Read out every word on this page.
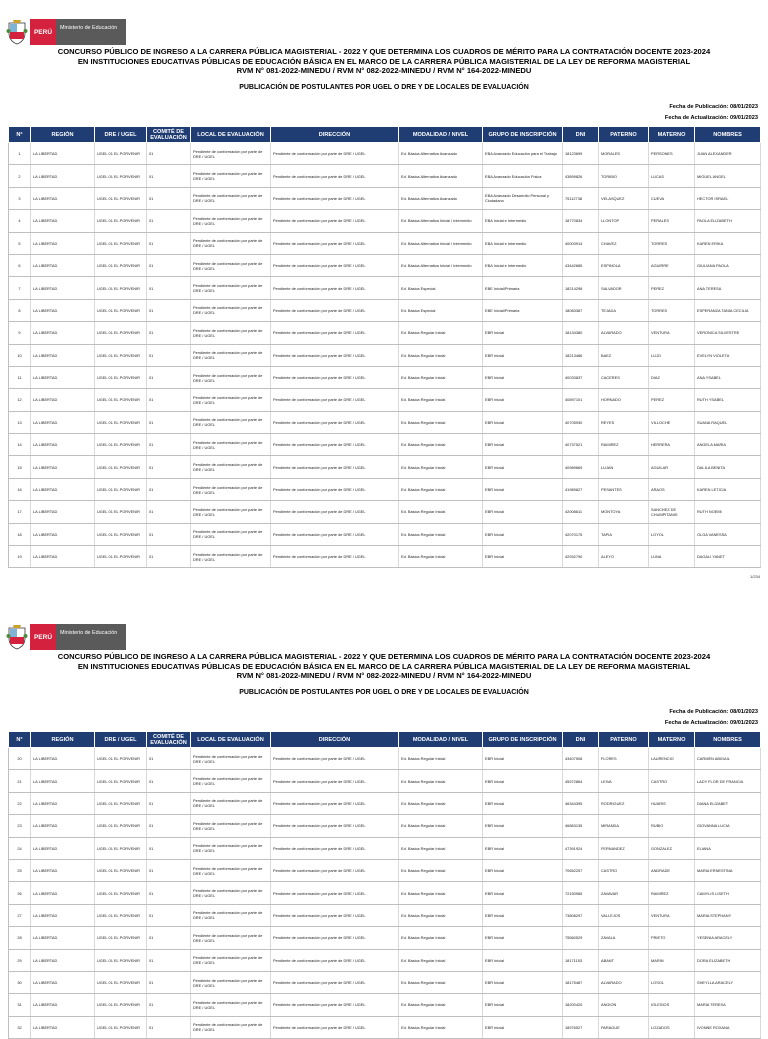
PERÚ
Ministerio de Educación
CONCURSO PÚBLICO DE INGRESO A LA CARRERA PÚBLICA MAGISTERIAL - 2022 Y QUE DETERMINA LOS CUADROS DE MÉRITO PARA LA CONTRATACIÓN DOCENTE 2023-2024
EN INSTITUCIONES EDUCATIVAS PÚBLICAS DE EDUCACIÓN BÁSICA EN EL MARCO DE LA CARRERA PÚBLICA MAGISTERIAL DE LA LEY DE REFORMA MAGISTERIAL
RVM N° 081-2022-MINEDU / RVM N° 082-2022-MINEDU / RVM N° 164-2022-MINEDU
PUBLICACIÓN DE POSTULANTES POR UGEL O DRE Y DE LOCALES DE EVALUACIÓN
Fecha de Publicación: 08/01/2023
Fecha de Actualización: 09/01/2023
N°	REGIÓN	DRE / UGEL	COMITÉ DE EVALUACIÓN	LOCAL DE EVALUACIÓN	DIRECCIÓN	MODALIDAD / NIVEL	GRUPO DE INSCRIPCIÓN	DNI	PATERNO	MATERNO	NOMBRES
1	LA LIBERTAD	UGEL 01 EL PORVENIR	01	Pendiente de conformación por parte de DRE / UGEL	Pendiente de conformación por parte de DRE / UGEL	Ed. Básica Alternativa Avanzado	EBA Avanzado Educación para el Trabajo	18123699	MORALES	PERSONES	JUAN ALEXANDER
2	LA LIBERTAD	UGEL 01 EL PORVENIR	01	Pendiente de conformación por parte de DRE / UGEL	Pendiente de conformación por parte de DRE / UGEL	Ed. Básica Alternativa Avanzado	EBA Avanzado Educación Física	43899826	TORIBIO	LUCAS	MIGUEL ANGEL
3	LA LIBERTAD	UGEL 01 EL PORVENIR	01	Pendiente de conformación por parte de DRE / UGEL	Pendiente de conformación por parte de DRE / UGEL	Ed. Básica Alternativa Avanzado	EBA Avanzado Desarrollo Personal y Ciudadano	75112738	VELASQUEZ	CUEVA	HECTOR ISRAEL
4	LA LIBERTAD	UGEL 01 EL PORVENIR	01	Pendiente de conformación por parte de DRE / UGEL	Pendiente de conformación por parte de DRE / UGEL	Ed. Básica Alternativa Inicial / Intermedio	EBA Inicial e Intermedio	18770834	LLONTOP	PERALES	PAOLA ELIZABETH
5	LA LIBERTAD	UGEL 01 EL PORVENIR	01	Pendiente de conformación por parte de DRE / UGEL	Pendiente de conformación por parte de DRE / UGEL	Ed. Básica Alternativa Inicial / Intermedio	EBA Inicial e Intermedio	40003914	CHAVEZ	TORRES	KAREN ERIKA
6	LA LIBERTAD	UGEL 01 EL PORVENIR	01	Pendiente de conformación por parte de DRE / UGEL	Pendiente de conformación por parte de DRE / UGEL	Ed. Básica Alternativa Inicial / Intermedio	EBA Inicial e Intermedio	43442685	ESPINOLA	AGUIRRE	GIULIANA PAOLA
7	LA LIBERTAD	UGEL 01 EL PORVENIR	01	Pendiente de conformación por parte de DRE / UGEL	Pendiente de conformación por parte de DRE / UGEL	Ed. Básica Especial	EBE Inicial/Primaria	18214298	SALVADOR	PEREZ	ANA TERESA
8	LA LIBERTAD	UGEL 01 EL PORVENIR	01	Pendiente de conformación por parte de DRE / UGEL	Pendiente de conformación por parte de DRE / UGEL	Ed. Básica Especial	EBE Inicial/Primaria	18083387	TEJADA	TORRES	ESPERANZA TANIA CECILIA
9	LA LIBERTAD	UGEL 01 EL PORVENIR	01	Pendiente de conformación por parte de DRE / UGEL	Pendiente de conformación por parte de DRE / UGEL	Ed. Básica Regular Inicial	EBR Inicial	18134380	ALVARADO	VENTURA	VERONICA SILVESTRE
10	LA LIBERTAD	UGEL 01 EL PORVENIR	01	Pendiente de conformación por parte de DRE / UGEL	Pendiente de conformación por parte de DRE / UGEL	Ed. Básica Regular Inicial	EBR Inicial	18213486	BAEZ	LUJO	EVELYN VIOLETA
11	LA LIBERTAD	UGEL 01 EL PORVENIR	01	Pendiente de conformación por parte de DRE / UGEL	Pendiente de conformación por parte de DRE / UGEL	Ed. Básica Regular Inicial	EBR Inicial	40033837	CACERES	DIAZ	ANA YSABEL
12	LA LIBERTAD	UGEL 01 EL PORVENIR	01	Pendiente de conformación por parte de DRE / UGEL	Pendiente de conformación por parte de DRE / UGEL	Ed. Básica Regular Inicial	EBR Inicial	40897101	HORNADO	PEREZ	RUTH YSABEL
13	LA LIBERTAD	UGEL 01 EL PORVENIR	01	Pendiente de conformación por parte de DRE / UGEL	Pendiente de conformación por parte de DRE / UGEL	Ed. Básica Regular Inicial	EBR Inicial	40705930	REYES	VILLOCHE	SUANA RAQUEL
14	LA LIBERTAD	UGEL 01 EL PORVENIR	01	Pendiente de conformación por parte de DRE / UGEL	Pendiente de conformación por parte de DRE / UGEL	Ed. Básica Regular Inicial	EBR Inicial	40737521	RAMIREZ	HERRERA	ANGELA MARIA
15	LA LIBERTAD	UGEL 01 EL PORVENIR	01	Pendiente de conformación por parte de DRE / UGEL	Pendiente de conformación por parte de DRE / UGEL	Ed. Básica Regular Inicial	EBR Inicial	40989669	LUJAN	AGUILAR	DALILA BENITA
16	LA LIBERTAD	UGEL 01 EL PORVENIR	01	Pendiente de conformación por parte de DRE / UGEL	Pendiente de conformación por parte de DRE / UGEL	Ed. Básica Regular Inicial	EBR Inicial	41989627	PESANTES	ARAOS	KAREN LETICIA
17	LA LIBERTAD	UGEL 01 EL PORVENIR	01	Pendiente de conformación por parte de DRE / UGEL	Pendiente de conformación por parte de DRE / UGEL	Ed. Básica Regular Inicial	EBR Inicial	42008611	MONTOYA	SANCHEZ DE CHUMPITANIS	RUTH NOEMI
18	LA LIBERTAD	UGEL 01 EL PORVENIR	01	Pendiente de conformación por parte de DRE / UGEL	Pendiente de conformación por parte de DRE / UGEL	Ed. Básica Regular Inicial	EBR Inicial	42070175	TAPIA	LOYOL	OLGA VANESSA
19	LA LIBERTAD	UGEL 01 EL PORVENIR	01	Pendiente de conformación por parte de DRE / UGEL	Pendiente de conformación por parte de DRE / UGEL	Ed. Básica Regular Inicial	EBR Inicial	42932790	ALEYO	LUNA	DAGALI YANET
1/234
PERÚ
Ministerio de Educación
CONCURSO PÚBLICO DE INGRESO A LA CARRERA PÚBLICA MAGISTERIAL - 2022 Y QUE DETERMINA LOS CUADROS DE MÉRITO PARA LA CONTRATACIÓN DOCENTE 2023-2024
EN INSTITUCIONES EDUCATIVAS PÚBLICAS DE EDUCACIÓN BÁSICA EN EL MARCO DE LA CARRERA PÚBLICA MAGISTERIAL DE LA LEY DE REFORMA MAGISTERIAL
RVM N° 081-2022-MINEDU / RVM N° 082-2022-MINEDU / RVM N° 164-2022-MINEDU
PUBLICACIÓN DE POSTULANTES POR UGEL O DRE Y DE LOCALES DE EVALUACIÓN
Fecha de Publicación: 08/01/2023
Fecha de Actualización: 09/01/2023
N°	REGIÓN	DRE / UGEL	COMITÉ DE EVALUACIÓN	LOCAL DE EVALUACIÓN	DIRECCIÓN	MODALIDAD / NIVEL	GRUPO DE INSCRIPCIÓN	DNI	PATERNO	MATERNO	NOMBRES
20	LA LIBERTAD	UGEL 01 EL PORVENIR	01	Pendiente de conformación por parte de DRE / UGEL	Pendiente de conformación por parte de DRE / UGEL	Ed. Básica Regular Inicial	EBR Inicial	43407508	FLORES	LAURENCIO	CARMEN ABIGAIL
21	LA LIBERTAD	UGEL 01 EL PORVENIR	01	Pendiente de conformación por parte de DRE / UGEL	Pendiente de conformación por parte de DRE / UGEL	Ed. Básica Regular Inicial	EBR Inicial	45972864	LEIVA	CASTRO	LADY FLOR DE FRANCIA
22	LA LIBERTAD	UGEL 01 EL PORVENIR	01	Pendiente de conformación por parte de DRE / UGEL	Pendiente de conformación por parte de DRE / UGEL	Ed. Básica Regular Inicial	EBR Inicial	46344395	RODRIGUEZ	HUARIS	DIANA ELIZABET
23	LA LIBERTAD	UGEL 01 EL PORVENIR	01	Pendiente de conformación por parte de DRE / UGEL	Pendiente de conformación por parte de DRE / UGEL	Ed. Básica Regular Inicial	EBR Inicial	46863135	MIRANDA	RUBIO	GIOVANNA LUCIA
24	LA LIBERTAD	UGEL 01 EL PORVENIR	01	Pendiente de conformación por parte de DRE / UGEL	Pendiente de conformación por parte de DRE / UGEL	Ed. Básica Regular Inicial	EBR Inicial	47391924	FERNANDEZ	GONZALEZ	ELIANA
25	LA LIBERTAD	UGEL 01 EL PORVENIR	01	Pendiente de conformación por parte de DRE / UGEL	Pendiente de conformación por parte de DRE / UGEL	Ed. Básica Regular Inicial	EBR Inicial	70652257	CASTRO	ANDRADE	MARIA ERNESTINA
26	LA LIBERTAD	UGEL 01 EL PORVENIR	01	Pendiente de conformación por parte de DRE / UGEL	Pendiente de conformación por parte de DRE / UGEL	Ed. Básica Regular Inicial	EBR Inicial	72150965	ZAVAVAR	RAMIREZ	CAMYLIS LISETH
27	LA LIBERTAD	UGEL 01 EL PORVENIR	01	Pendiente de conformación por parte de DRE / UGEL	Pendiente de conformación por parte de DRE / UGEL	Ed. Básica Regular Inicial	EBR Inicial	73808297	VALLEJOS	VENTURA	MARIA STEPHANY
28	LA LIBERTAD	UGEL 01 EL PORVENIR	01	Pendiente de conformación por parte de DRE / UGEL	Pendiente de conformación por parte de DRE / UGEL	Ed. Básica Regular Inicial	EBR Inicial	75560529	ZAVALA	PRIETO	YESENIA ARACELY
29	LA LIBERTAD	UGEL 01 EL PORVENIR	01	Pendiente de conformación por parte de DRE / UGEL	Pendiente de conformación por parte de DRE / UGEL	Ed. Básica Regular Inicial	EBR Inicial	18171153	ABANT	MARIN	DORA ELIZABETH
30	LA LIBERTAD	UGEL 01 EL PORVENIR	01	Pendiente de conformación por parte de DRE / UGEL	Pendiente de conformación por parte de DRE / UGEL	Ed. Básica Regular Inicial	EBR Inicial	18175487	ALVARADO	LOSOL	SHEYLLA ARACELY
31	LA LIBERTAD	UGEL 01 EL PORVENIR	01	Pendiente de conformación por parte de DRE / UGEL	Pendiente de conformación por parte de DRE / UGEL	Ed. Básica Regular Inicial	EBR Inicial	18200420	ANGION	IGLESIOS	MARIA TERESA
32	LA LIBERTAD	UGEL 01 EL PORVENIR	01	Pendiente de conformación por parte de DRE / UGEL	Pendiente de conformación por parte de DRE / UGEL	Ed. Básica Regular Inicial	EBR Inicial	18976527	PARAGUE	LOZADOS	IVONNE ROXANA
